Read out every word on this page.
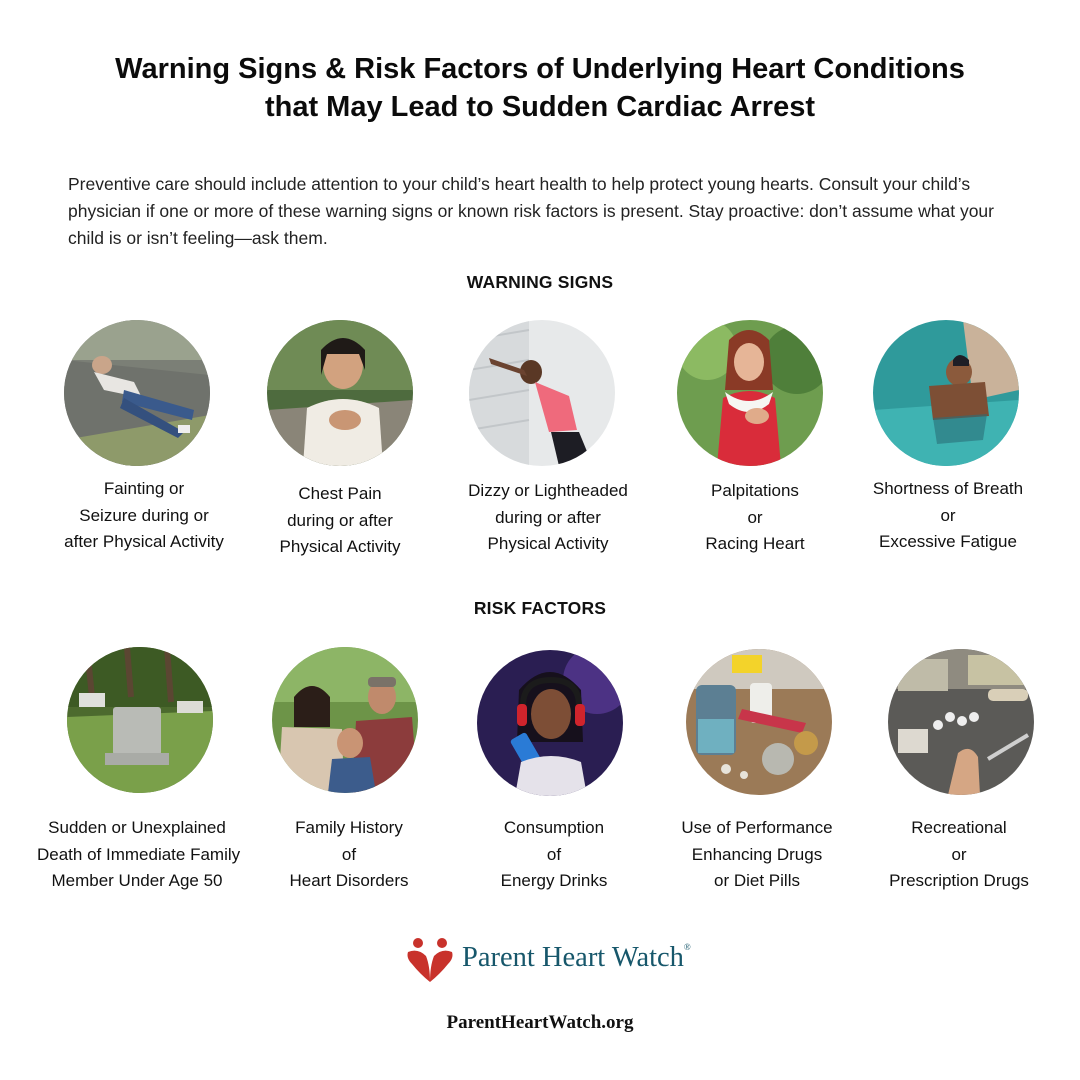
Warning Signs & Risk Factors of Underlying Heart Conditions
that May Lead to Sudden Cardiac Arrest
Preventive care should include attention to your child’s heart health to help protect young hearts. Consult your child’s
physician if one or more of these warning signs or known risk factors is present. Stay proactive: don’t assume what your
child is or isn’t feeling—ask them.
WARNING SIGNS
Fainting or
Seizure during or
after Physical Activity
Chest Pain
during or after
Physical Activity
Dizzy or Lightheaded
during or after
Physical Activity
Palpitations
or
Racing Heart
Shortness of Breath
or
Excessive Fatigue
RISK FACTORS
Sudden or Unexplained
Death of Immediate Family
Member Under Age 50
Family History
of
Heart Disorders
Consumption
of
Energy Drinks
Use of Performance
Enhancing Drugs
or Diet Pills
Recreational
or
Prescription Drugs
Parent Heart Watch®
ParentHeartWatch.org
